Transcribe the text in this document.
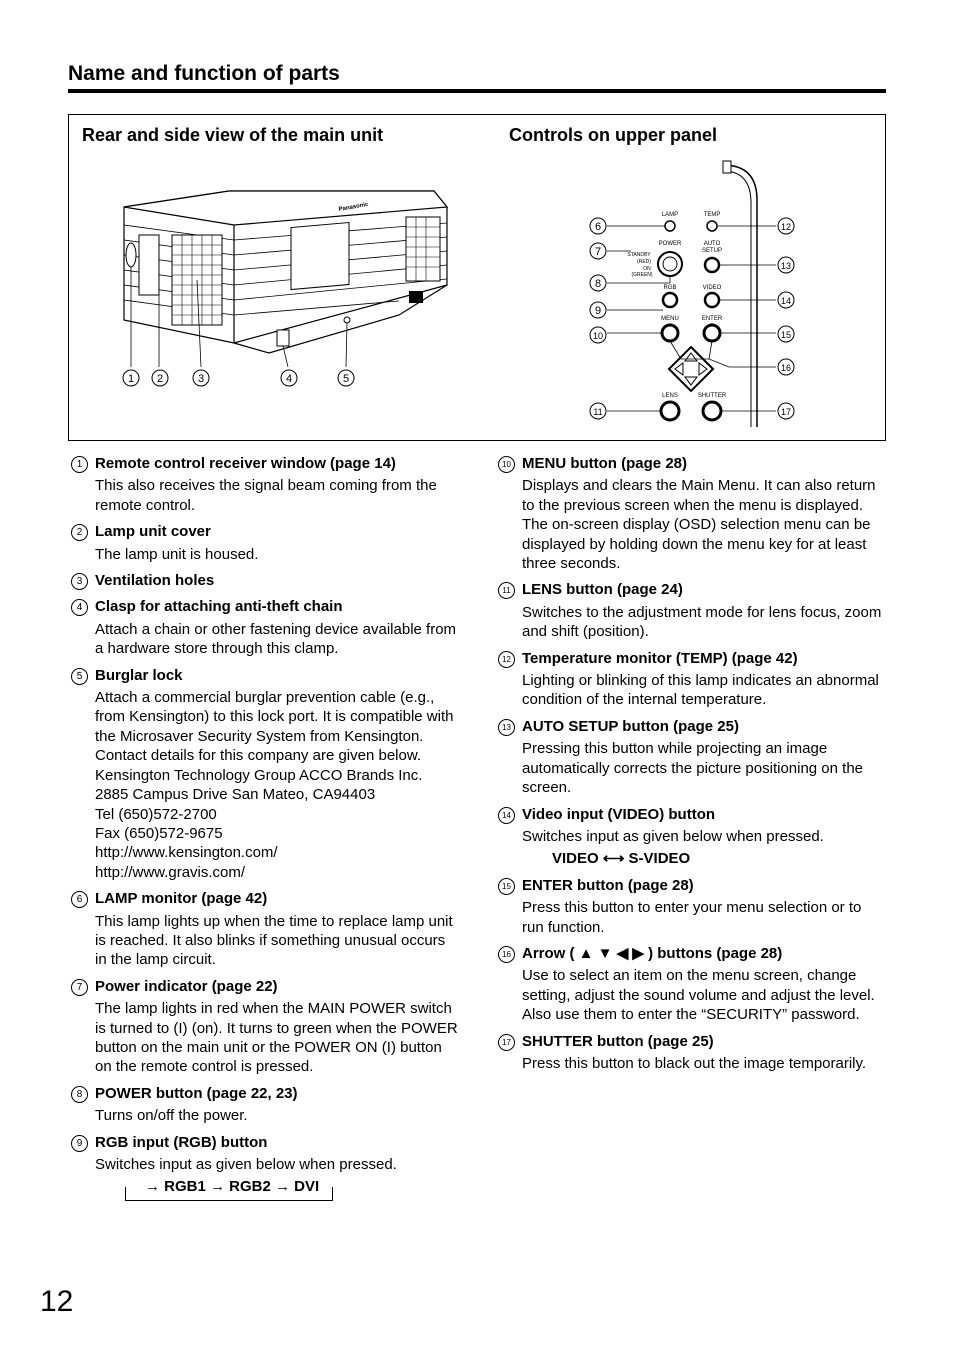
Name and function of parts
Rear and side view of the main unit	Controls on upper panel
Panasonic
LAMP	TEMP
POWER
STANDBY
(RED)
ON
(GREEN)
AUTO
SETUP
RGB	VIDEO
MENU	ENTER
LENS	SHUTTER
1 2	3	4	5
6
7
8
9
10
11
12
13
14
15
16
17
1 Remote control receiver window (page 14)

This also receives the signal beam coming from the remote control.

2 Lamp unit cover

The lamp unit is housed.

3 Ventilation holes
4 Clasp for attaching anti-theft chain

Attach a chain or other fastening device available from a hardware store through this clamp.

5 Burglar lock

Attach a commercial burglar prevention cable (e.g., from Kensington) to this lock port. It is compatible with the Microsaver Security System from Kensington. Contact details for this company are given below.

Kensington Technology Group ACCO Brands Inc.

2885 Campus Drive San Mateo, CA94403

Tel (650)572-2700

Fax (650)572-9675

http://www.kensington.com/

http://www.gravis.com/

6 LAMP monitor (page 42)

This lamp lights up when the time to replace lamp unit is reached. It also blinks if something unusual occurs in the lamp circuit.

7 Power indicator (page 22)

The lamp lights in red when the MAIN POWER switch is turned to (I) (on). It turns to green when the POWER button on the main unit or the POWER ON (I) button on the remote control is pressed.

8 POWER button (page 22, 23)

Turns on/off the power.

9 RGB input (RGB) button

Switches input as given below when pressed.

→ RGB1 → RGB2 → DVI
10 MENU button (page 28)

Displays and clears the Main Menu. It can also return to the previous screen when the menu is displayed.

The on-screen display (OSD) selection menu can be displayed by holding down the menu key for at least three seconds.

11 LENS button (page 24)

Switches to the adjustment mode for lens focus, zoom and shift (position).

12 Temperature monitor (TEMP) (page 42)

Lighting or blinking of this lamp indicates an abnormal condition of the internal temperature.

13 AUTO SETUP button (page 25)

Pressing this button while projecting an image automatically corrects the picture positioning on the screen.

14 Video input (VIDEO) button

Switches input as given below when pressed.

VIDEO ⟷ S-VIDEO
15 ENTER button (page 28)

Press this button to enter your menu selection or to run function.

16 Arrow ( ▲ ▼ ◀ ▶ ) buttons (page 28)

Use to select an item on the menu screen, change setting, adjust the sound volume and adjust the level.

Also use them to enter the “SECURITY” password.

17 SHUTTER button (page 25)

Press this button to black out the image temporarily.

12
